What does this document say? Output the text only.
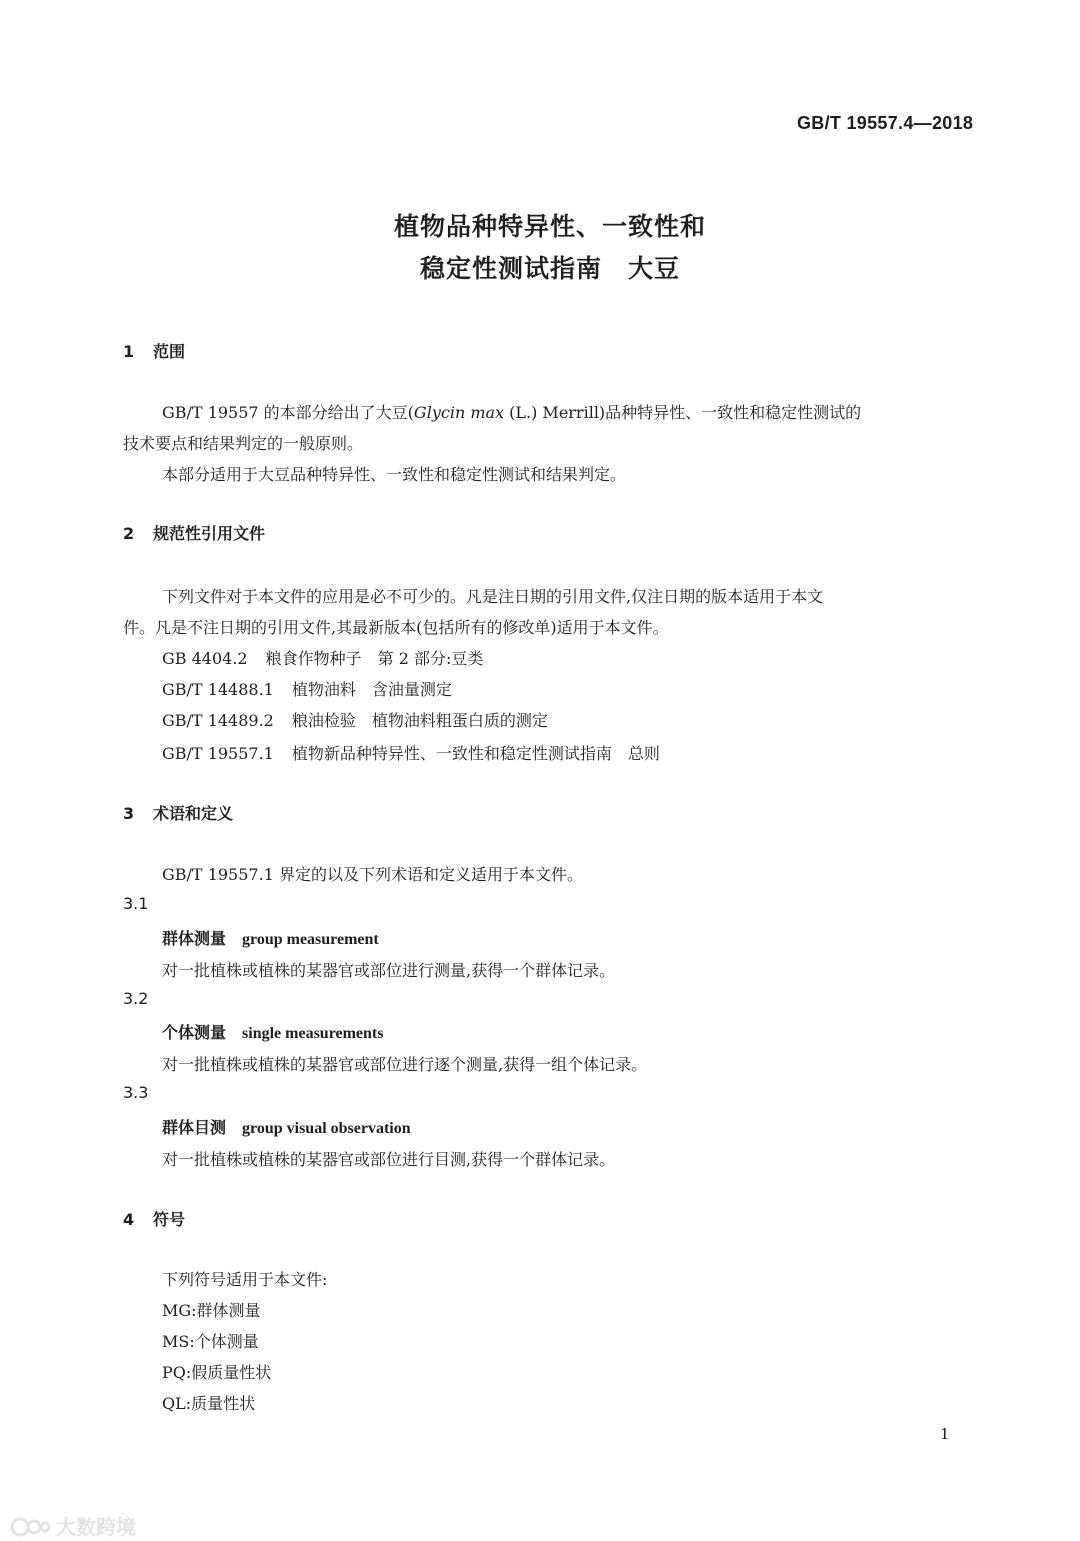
GB/T 19557.4—2018
植物品种特异性、一致性和
稳定性测试指南　大豆
1 范围
GB/T 19557 的本部分给出了大豆(Glycin max (L.) Merrill)品种特异性、一致性和稳定性测试的
技术要点和结果判定的一般原则。
本部分适用于大豆品种特异性、一致性和稳定性测试和结果判定。
2 规范性引用文件
下列文件对于本文件的应用是必不可少的。凡是注日期的引用文件,仅注日期的版本适用于本文
件。凡是不注日期的引用文件,其最新版本(包括所有的修改单)适用于本文件。
GB 4404.2 粮食作物种子　第 2 部分:豆类
GB/T 14488.1 植物油料　含油量测定
GB/T 14489.2 粮油检验　植物油料粗蛋白质的测定
GB/T 19557.1 植物新品种特异性、一致性和稳定性测试指南　总则
3 术语和定义
GB/T 19557.1 界定的以及下列术语和定义适用于本文件。
3.1
群体测量 group measurement
对一批植株或植株的某器官或部位进行测量,获得一个群体记录。
3.2
个体测量 single measurements
对一批植株或植株的某器官或部位进行逐个测量,获得一组个体记录。
3.3
群体目测 group visual observation
对一批植株或植株的某器官或部位进行目测,获得一个群体记录。
4 符号
下列符号适用于本文件:
MG:群体测量
MS:个体测量
PQ:假质量性状
QL:质量性状
1
大数跨境
